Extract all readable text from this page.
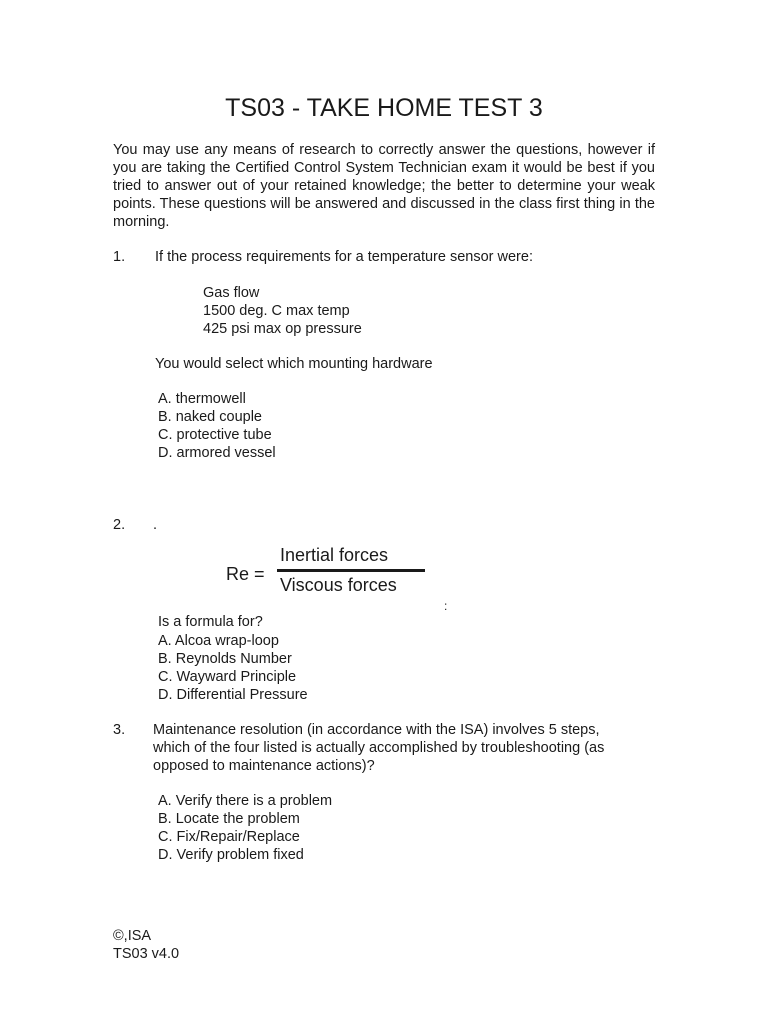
TS03 - TAKE HOME TEST 3
You may use any means of research to correctly answer the questions, however if you are taking the Certified Control System Technician exam it would be best if you tried to answer out of your retained knowledge; the better to determine your weak points. These questions will be answered and discussed in the class first thing in the morning.
1. If the process requirements for a temperature sensor were:
Gas flow
1500 deg. C max temp
425 psi max op pressure
You would select which mounting hardware
A. thermowell
B. naked couple
C. protective tube
D. armored vessel
2. .
Re =
Inertial forces
Viscous forces
:
Is a formula for?
A. Alcoa wrap-loop
B. Reynolds Number
C. Wayward Principle
D. Differential Pressure
3. Maintenance resolution (in accordance with the ISA) involves 5 steps, which of the four listed is actually accomplished by troubleshooting (as opposed to maintenance actions)?
A. Verify there is a problem
B. Locate the problem
C. Fix/Repair/Replace
D. Verify problem fixed
©,ISA
TS03 v4.0
